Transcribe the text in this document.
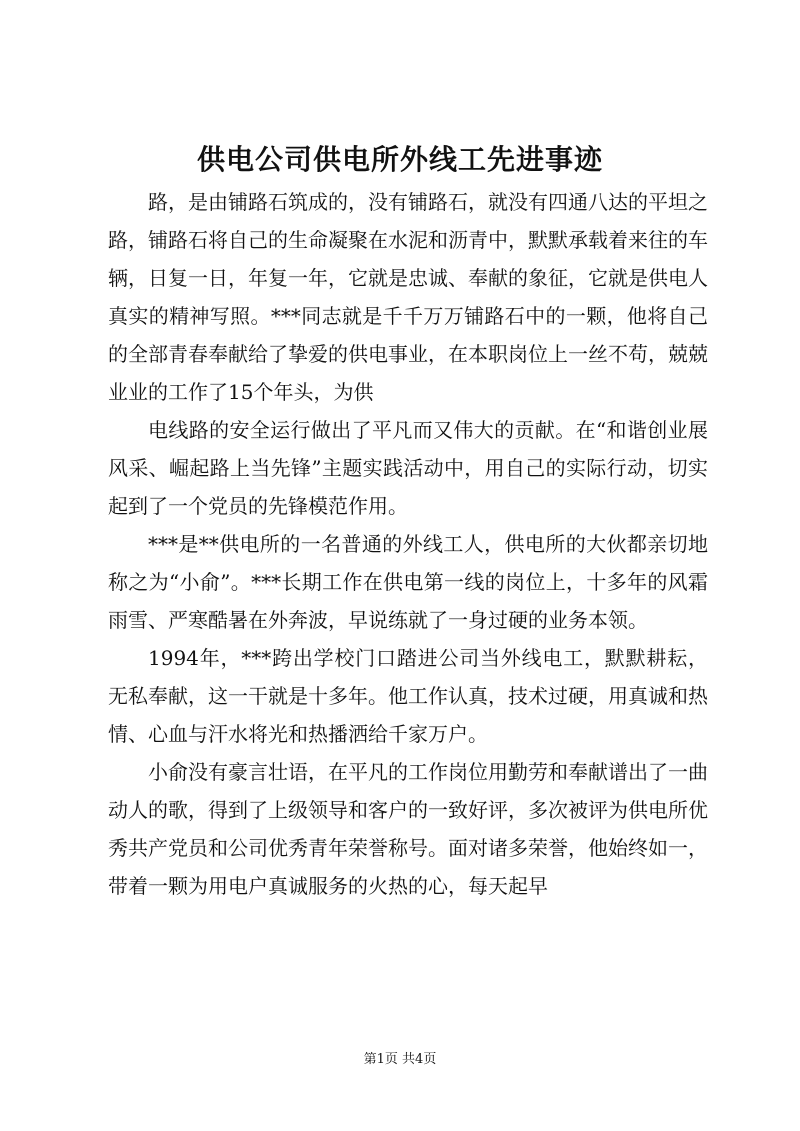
供电公司供电所外线工先进事迹

路，是由铺路石筑成的，没有铺路石，就没有四通八达的平坦之路，铺路石将自己的生命凝聚在水泥和沥青中，默默承载着来往的车辆，日复一日，年复一年，它就是忠诚、奉献的象征，它就是供电人真实的精神写照。***同志就是千千万万铺路石中的一颗，他将自己的全部青春奉献给了挚爱的供电事业，在本职岗位上一丝不苟，兢兢业业的工作了15个年头，为供

电线路的安全运行做出了平凡而又伟大的贡献。在“和谐创业展风采、崛起路上当先锋”主题实践活动中，用自己的实际行动，切实起到了一个党员的先锋模范作用。

***是**供电所的一名普通的外线工人，供电所的大伙都亲切地称之为“小俞”。***长期工作在供电第一线的岗位上，十多年的风霜雨雪、严寒酷暑在外奔波，早说练就了一身过硬的业务本领。

1994年，***跨出学校门口踏进公司当外线电工，默默耕耘，无私奉献，这一干就是十多年。他工作认真，技术过硬，用真诚和热情、心血与汗水将光和热播洒给千家万户。

小俞没有豪言壮语，在平凡的工作岗位用勤劳和奉献谱出了一曲动人的歌，得到了上级领导和客户的一致好评，多次被评为供电所优秀共产党员和公司优秀青年荣誉称号。面对诸多荣誉，他始终如一，带着一颗为用电户真诚服务的火热的心，每天起早

第1页 共4页
